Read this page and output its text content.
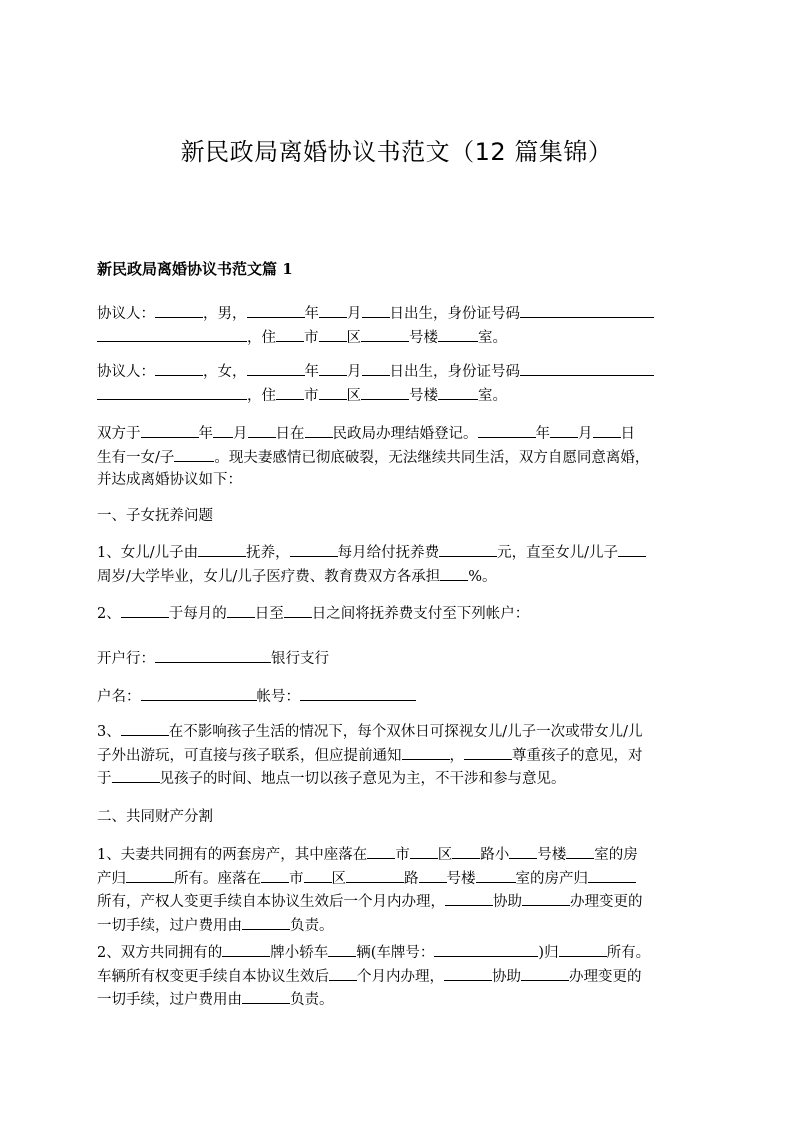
新民政局离婚协议书范文（12 篇集锦）
新民政局离婚协议书范文篇 1
协议人：	，男，	年 月 日出生，身份证号码
，住 市 区	号楼	室。
协议人：	，女，	年 月 日出生，身份证号码
，住 市 区	号楼	室。
双方于	年 月 日在 民政局办理结婚登记。	年 月 日
生有一女/子	。现夫妻感情已彻底破裂，无法继续共同生活，双方自愿同意离婚，
并达成离婚协议如下：
一、子女抚养问题
1、女儿/儿子由	抚养，	每月给付抚养费	元，直至女儿/儿子
周岁/大学毕业，女儿/儿子医疗费、教育费双方各承担 %。
2、	于每月的 日至 日之间将抚养费支付至下列帐户：
开户行：	银行支行
户名：	帐号：
3、	在不影响孩子生活的情况下，每个双休日可探视女儿/儿子一次或带女儿/儿
子外出游玩，可直接与孩子联系，但应提前通知	，	尊重孩子的意见，对
于	见孩子的时间、地点一切以孩子意见为主，不干涉和参与意见。
二、共同财产分割
1、夫妻共同拥有的两套房产，其中座落在 市 区 路小 号楼 室的房
产归	所有。座落在 市 区	路 号楼	室的房产归
所有，产权人变更手续自本协议生效后一个月内办理，	协助	办理变更的
一切手续，过户费用由	负责。
2、双方共同拥有的	牌小轿车 辆(车牌号：	)归	所有。
车辆所有权变更手续自本协议生效后 个月内办理，	协助	办理变更的
一切手续，过户费用由	负责。
